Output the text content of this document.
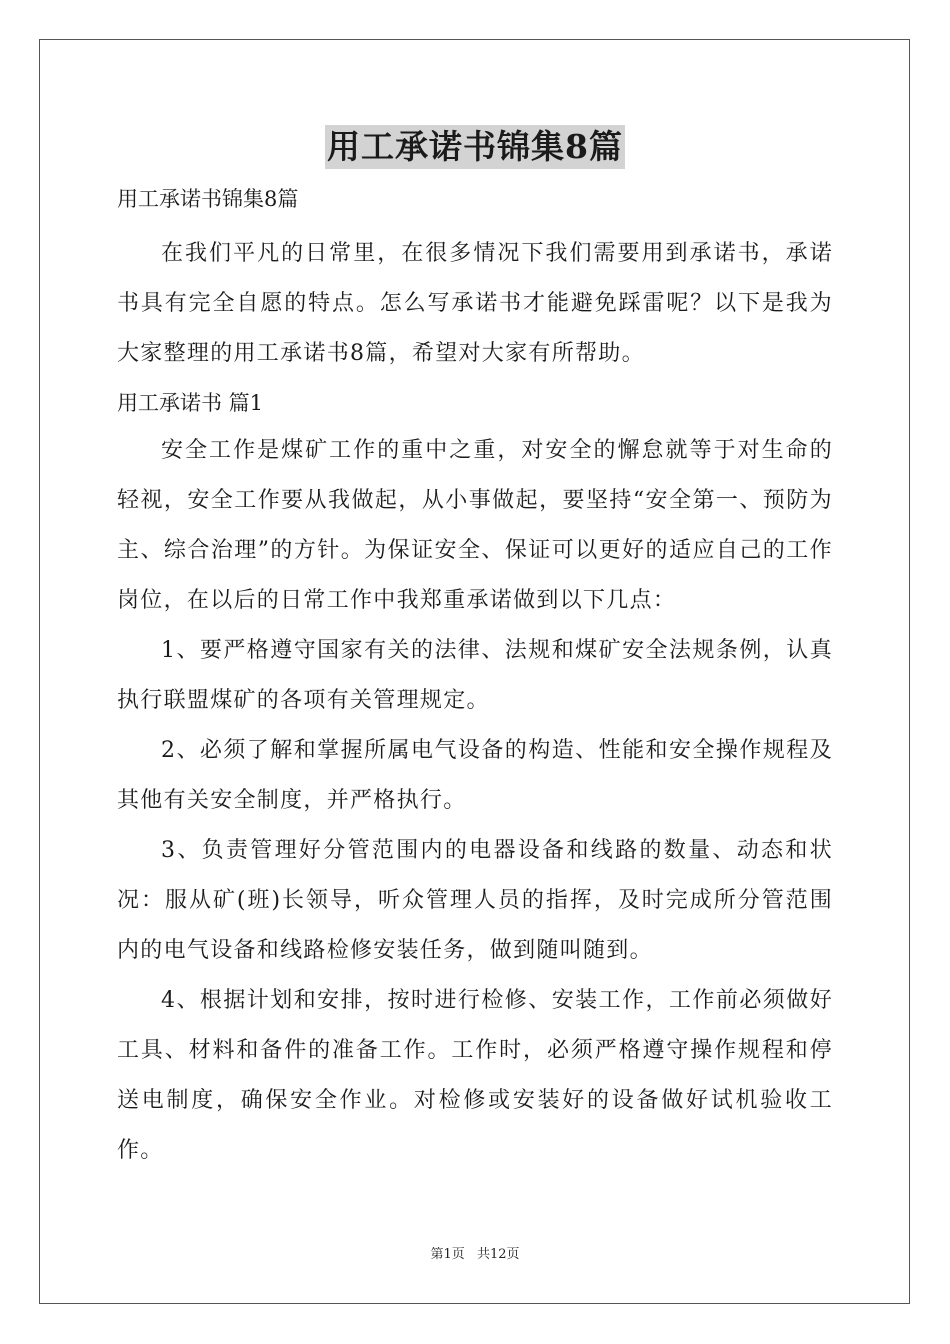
用工承诺书锦集8篇
用工承诺书锦集8篇

在我们平凡的日常里，在很多情况下我们需要用到承诺书，承诺书具有完全自愿的特点。怎么写承诺书才能避免踩雷呢？以下是我为大家整理的用工承诺书8篇，希望对大家有所帮助。

用工承诺书 篇1

安全工作是煤矿工作的重中之重，对安全的懈怠就等于对生命的轻视，安全工作要从我做起，从小事做起，要坚持“安全第一、预防为主、综合治理”的方针。为保证安全、保证可以更好的适应自己的工作岗位，在以后的日常工作中我郑重承诺做到以下几点：

1、要严格遵守国家有关的法律、法规和煤矿安全法规条例，认真执行联盟煤矿的各项有关管理规定。

2、必须了解和掌握所属电气设备的构造、性能和安全操作规程及其他有关安全制度，并严格执行。

3、负责管理好分管范围内的电器设备和线路的数量、动态和状况：服从矿(班)长领导，听众管理人员的指挥，及时完成所分管范围内的电气设备和线路检修安装任务，做到随叫随到。

4、根据计划和安排，按时进行检修、安装工作，工作前必须做好工具、材料和备件的准备工作。工作时，必须严格遵守操作规程和停送电制度，确保安全作业。对检修或安装好的设备做好试机验收工作。

第1页 共12页
